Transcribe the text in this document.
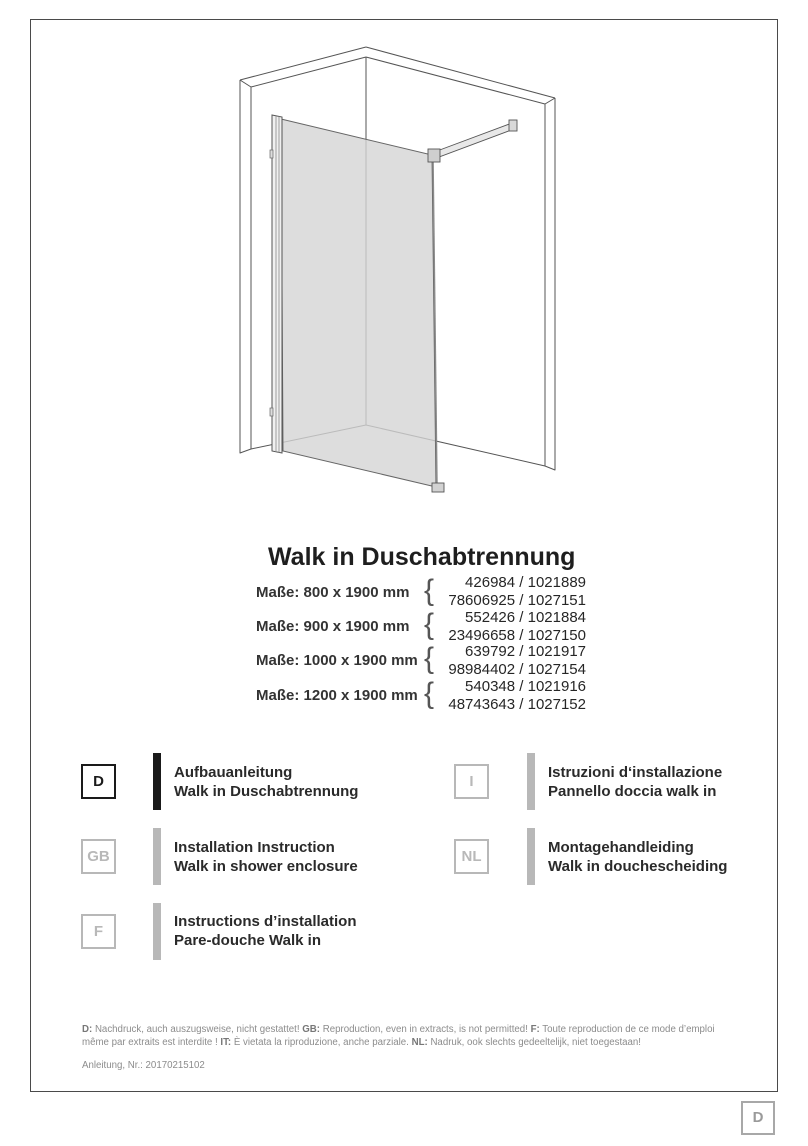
Walk in Duschabtrennung
Maße: 800 x 1900 mm {	426984 / 1021889
78606925 / 1027151
Maße: 900 x 1900 mm {	552426 / 1021884
23496658 / 1027150
Maße: 1000 x 1900 mm {	639792 / 1021917
98984402 / 1027154
Maße: 1200 x 1900 mm {	540348 / 1021916
48743643 / 1027152
D
Aufbauanleitung
Walk in Duschabtrennung
I
Istruzioni d‘installazione
Pannello doccia walk in
GB
Installation Instruction
Walk in shower enclosure
NL
Montagehandleiding
Walk in douchescheiding
F
Instructions d’installation
Pare-douche Walk in
D: Nachdruck, auch auszugsweise, nicht gestattet! GB: Reproduction, even in extracts, is not permitted! F: Toute reproduction de ce mode d’emploi même par extraits est interdite ! IT: È vietata la riproduzione, anche parziale. NL: Nadruk, ook slechts gedeeltelijk, niet toegestaan!
Anleitung, Nr.: 20170215102
D
